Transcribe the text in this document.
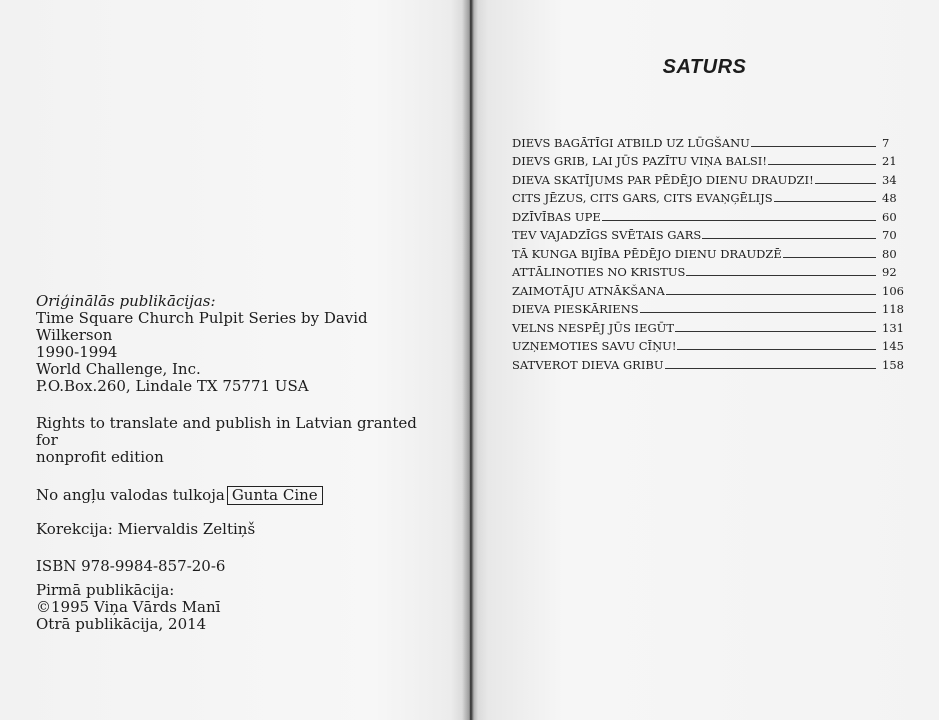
Oriģinālās publikācijas:

Time Square Church Pulpit Series by David Wilkerson

1990-1994

World Challenge, Inc.

P.O.Box.260, Lindale TX 75771 USA

Rights to translate and publish in Latvian granted for

nonprofit edition

No angļu valodas tulkoja Gunta Cine

Korekcija: Miervaldis Zeltiņš

ISBN 978-9984-857-20-6

Pirmā publikācija:

©1995 Viņa Vārds Manī

Otrā publikācija, 2014

SATURS
DIEVS BAGĀTĪGI ATBILD UZ LŪGŠANU	7
DIEVS GRIB, LAI JŪS PAZĪTU VIŅA BALSI!	21
DIEVA SKATĪJUMS PAR PĒDĒJO DIENU DRAUDZI!	34
CITS JĒZUS, CITS GARS, CITS EVAŅĢĒLIJS	48
DZĪVĪBAS UPE	60
TEV VAJADZĪGS SVĒTAIS GARS	70
TĀ KUNGA BIJĪBA PĒDĒJO DIENU DRAUDZĒ	80
ATTĀLINOTIES NO KRISTUS	92
ZAIMOTĀJU ATNĀKŠANA	106
DIEVA PIESKĀRIENS	118
VELNS NESPĒJ JŪS IEGŪT	131
UZŅEMOTIES SAVU CĪŅU!	145
SATVEROT DIEVA GRIBU	158
